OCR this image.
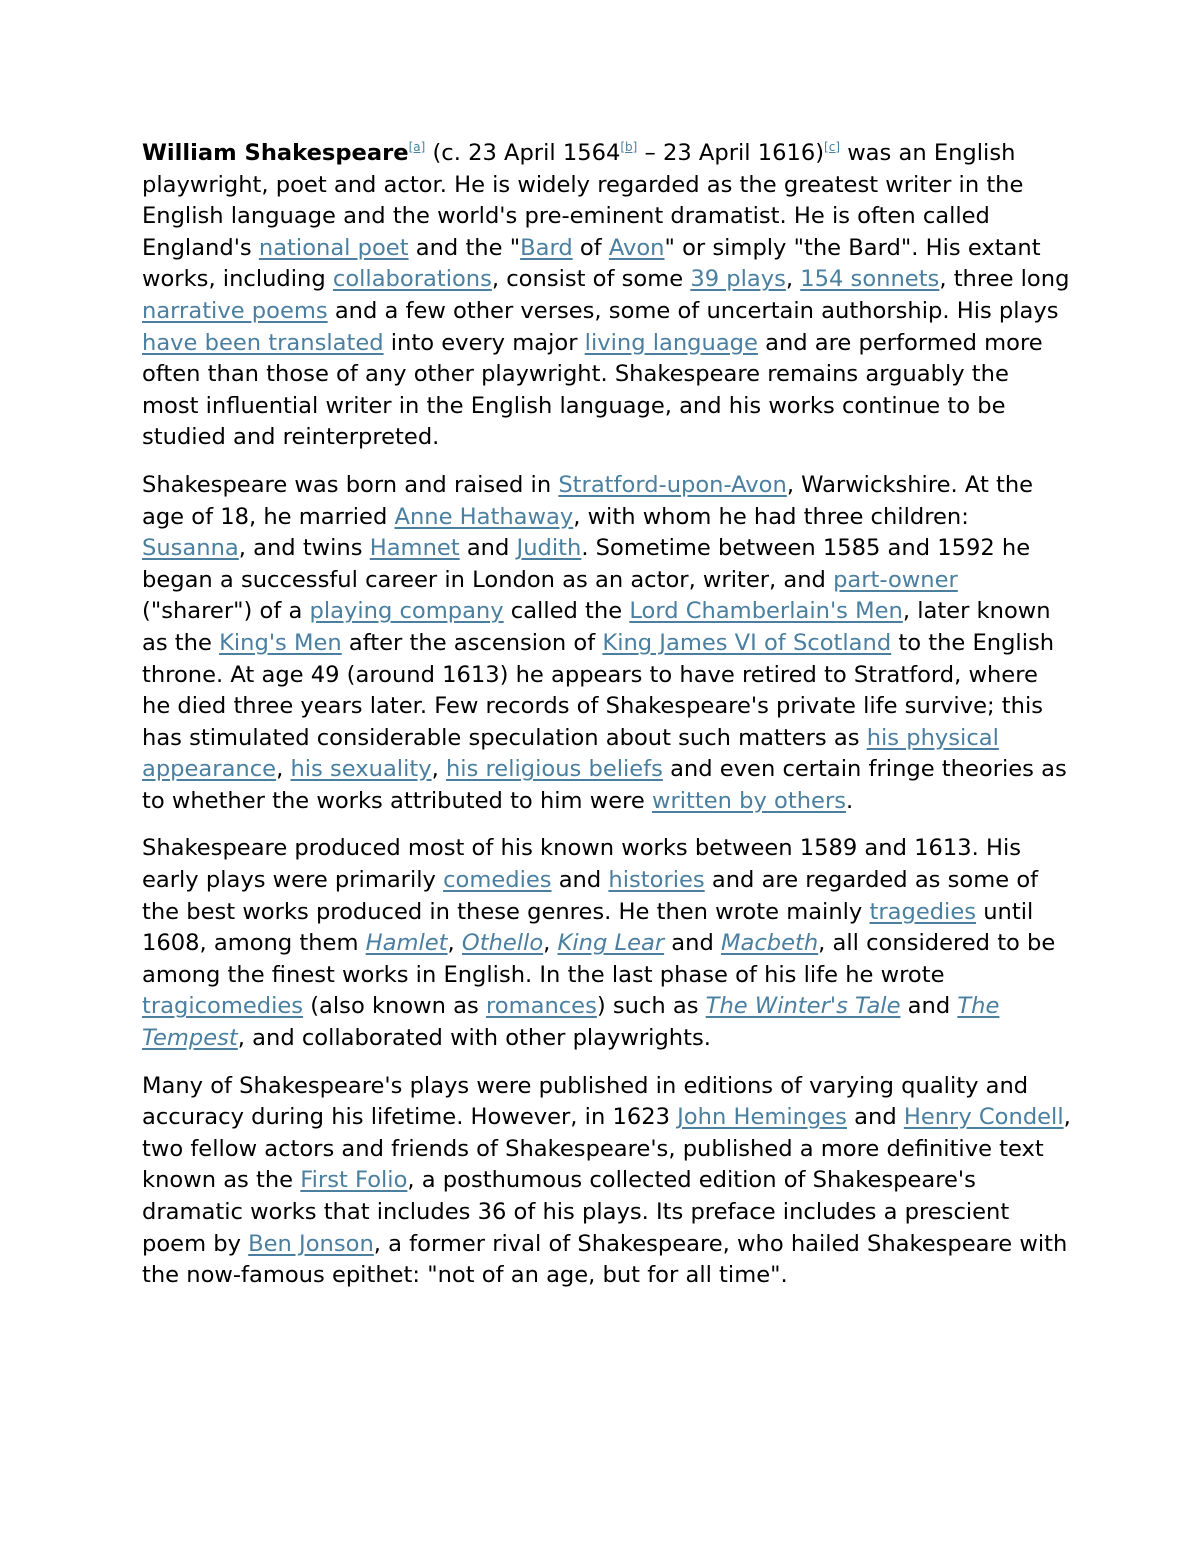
William Shakespeare[a] (c. 23 April 1564[b] – 23 April 1616)[c] was an English playwright, poet and actor. He is widely regarded as the greatest writer in the English language and the world's pre-eminent dramatist. He is often called England's national poet and the "Bard of Avon" or simply "the Bard". His extant works, including collaborations, consist of some 39 plays, 154 sonnets, three long narrative poems and a few other verses, some of uncertain authorship. His plays have been translated into every major living language and are performed more often than those of any other playwright. Shakespeare remains arguably the most influential writer in the English language, and his works continue to be studied and reinterpreted.

Shakespeare was born and raised in Stratford-upon-Avon, Warwickshire. At the age of 18, he married Anne Hathaway, with whom he had three children: Susanna, and twins Hamnet and Judith. Sometime between 1585 and 1592 he began a successful career in London as an actor, writer, and part-owner ("sharer") of a playing company called the Lord Chamberlain's Men, later known as the King's Men after the ascension of King James VI of Scotland to the English throne. At age 49 (around 1613) he appears to have retired to Stratford, where he died three years later. Few records of Shakespeare's private life survive; this has stimulated considerable speculation about such matters as his physical appearance, his sexuality, his religious beliefs and even certain fringe theories as to whether the works attributed to him were written by others.

Shakespeare produced most of his known works between 1589 and 1613. His early plays were primarily comedies and histories and are regarded as some of the best works produced in these genres. He then wrote mainly tragedies until 1608, among them Hamlet, Othello, King Lear and Macbeth, all considered to be among the finest works in English. In the last phase of his life he wrote tragicomedies (also known as romances) such as The Winter's Tale and The Tempest, and collaborated with other playwrights.

Many of Shakespeare's plays were published in editions of varying quality and accuracy during his lifetime. However, in 1623 John Heminges and Henry Condell, two fellow actors and friends of Shakespeare's, published a more definitive text known as the First Folio, a posthumous collected edition of Shakespeare's dramatic works that includes 36 of his plays. Its preface includes a prescient poem by Ben Jonson, a former rival of Shakespeare, who hailed Shakespeare with the now-famous epithet: "not of an age, but for all time".
